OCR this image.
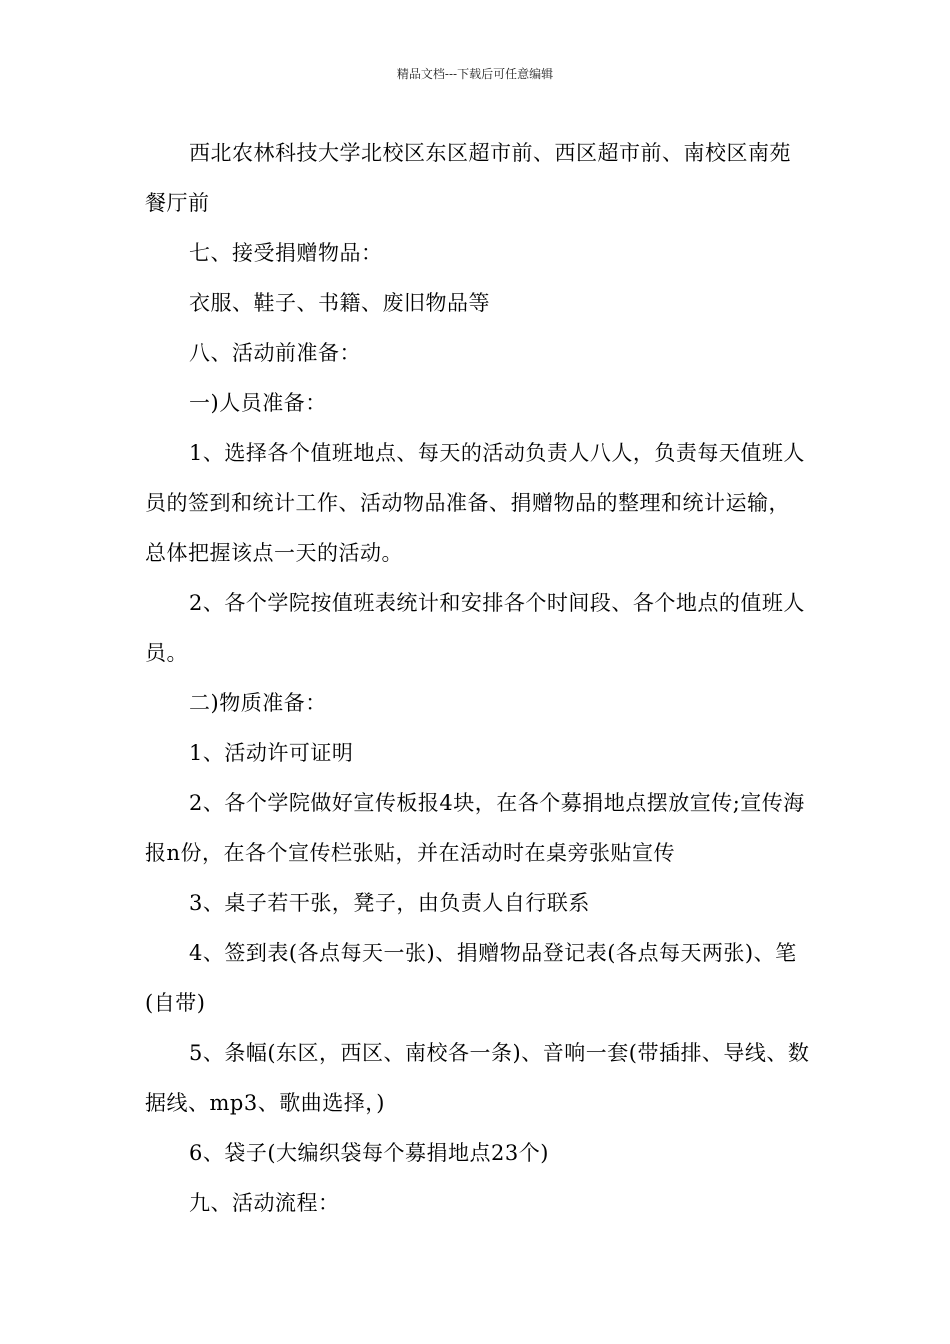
精品文档---下载后可任意编辑

西北农林科技大学北校区东区超市前、西区超市前、南校区南苑餐厅前

七、接受捐赠物品：

衣服、鞋子、书籍、废旧物品等

八、活动前准备：

一)人员准备：

1、选择各个值班地点、每天的活动负责人八人，负责每天值班人员的签到和统计工作、活动物品准备、捐赠物品的整理和统计运输，总体把握该点一天的活动。

2、各个学院按值班表统计和安排各个时间段、各个地点的值班人员。

二)物质准备：

1、活动许可证明

2、各个学院做好宣传板报4块，在各个募捐地点摆放宣传;宣传海报n份，在各个宣传栏张贴，并在活动时在桌旁张贴宣传

3、桌子若干张，凳子，由负责人自行联系

4、签到表(各点每天一张)、捐赠物品登记表(各点每天两张)、笔(自带)

5、条幅(东区，西区、南校各一条)、音响一套(带插排、导线、数据线、mp3、歌曲选择，)

6、袋子(大编织袋每个募捐地点23个)

九、活动流程：
